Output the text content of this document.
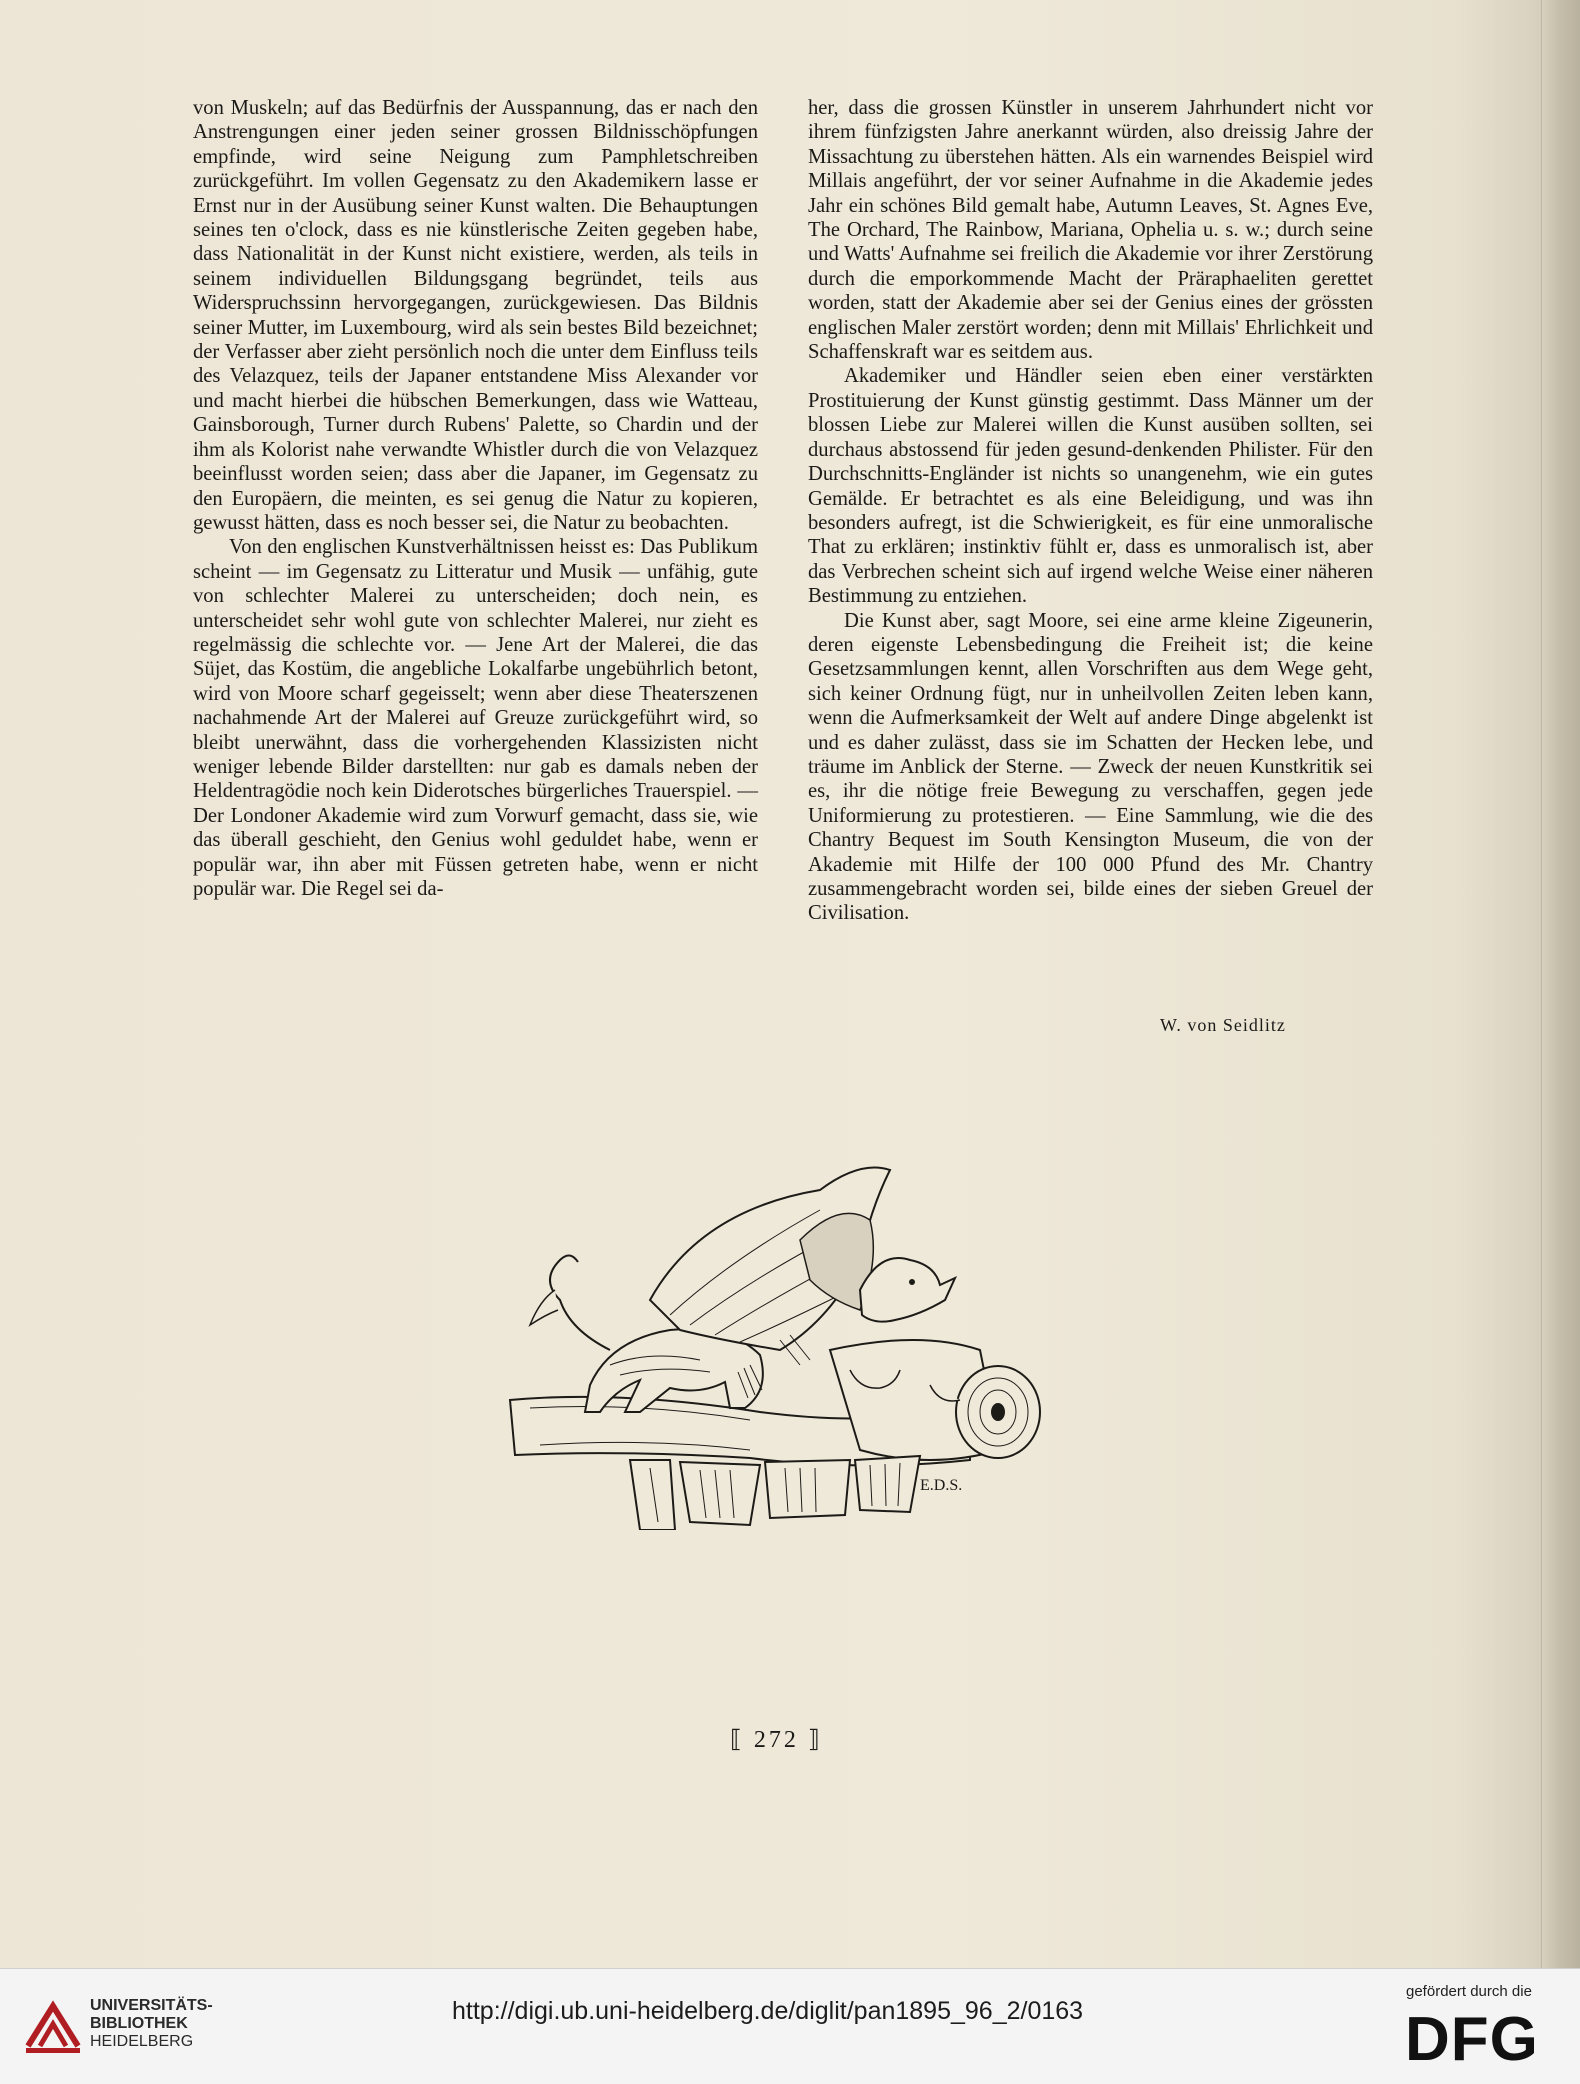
von Muskeln; auf das Bedürfnis der Ausspannung, das er nach den Anstrengungen einer jeden seiner grossen Bildnisschöpfungen empfinde, wird seine Neigung zum Pamphletschreiben zurückgeführt. Im vollen Gegensatz zu den Akademikern lasse er Ernst nur in der Ausübung seiner Kunst walten. Die Behauptungen seines ten o'clock, dass es nie künstlerische Zeiten gegeben habe, dass Nationalität in der Kunst nicht existiere, werden, als teils in seinem individuellen Bildungsgang begründet, teils aus Widerspruchssinn hervorgegangen, zurückgewiesen. Das Bildnis seiner Mutter, im Luxembourg, wird als sein bestes Bild bezeichnet; der Verfasser aber zieht persönlich noch die unter dem Einfluss teils des Velazquez, teils der Japaner entstandene Miss Alexander vor und macht hierbei die hübschen Bemerkungen, dass wie Watteau, Gainsborough, Turner durch Rubens' Palette, so Chardin und der ihm als Kolorist nahe verwandte Whistler durch die von Velazquez beeinflusst worden seien; dass aber die Japaner, im Gegensatz zu den Europäern, die meinten, es sei genug die Natur zu kopieren, gewusst hätten, dass es noch besser sei, die Natur zu beobachten.

Von den englischen Kunstverhältnissen heisst es: Das Publikum scheint — im Gegensatz zu Litteratur und Musik — unfähig, gute von schlechter Malerei zu unterscheiden; doch nein, es unterscheidet sehr wohl gute von schlechter Malerei, nur zieht es regelmässig die schlechte vor. — Jene Art der Malerei, die das Süjet, das Kostüm, die angebliche Lokalfarbe ungebührlich betont, wird von Moore scharf gegeisselt; wenn aber diese Theaterszenen nachahmende Art der Malerei auf Greuze zurückgeführt wird, so bleibt unerwähnt, dass die vorhergehenden Klassizisten nicht weniger lebende Bilder darstellten: nur gab es damals neben der Heldentragödie noch kein Diderotsches bürgerliches Trauerspiel. — Der Londoner Akademie wird zum Vorwurf gemacht, dass sie, wie das überall geschieht, den Genius wohl geduldet habe, wenn er populär war, ihn aber mit Füssen getreten habe, wenn er nicht populär war. Die Regel sei da-

her, dass die grossen Künstler in unserem Jahrhundert nicht vor ihrem fünfzigsten Jahre anerkannt würden, also dreissig Jahre der Missachtung zu überstehen hätten. Als ein warnendes Beispiel wird Millais angeführt, der vor seiner Aufnahme in die Akademie jedes Jahr ein schönes Bild gemalt habe, Autumn Leaves, St. Agnes Eve, The Orchard, The Rainbow, Mariana, Ophelia u. s. w.; durch seine und Watts' Aufnahme sei freilich die Akademie vor ihrer Zerstörung durch die emporkommende Macht der Präraphaeliten gerettet worden, statt der Akademie aber sei der Genius eines der grössten englischen Maler zerstört worden; denn mit Millais' Ehrlichkeit und Schaffenskraft war es seitdem aus.

Akademiker und Händler seien eben einer verstärkten Prostituierung der Kunst günstig gestimmt. Dass Männer um der blossen Liebe zur Malerei willen die Kunst ausüben sollten, sei durchaus abstossend für jeden gesund-denkenden Philister. Für den Durchschnitts-Engländer ist nichts so unangenehm, wie ein gutes Gemälde. Er betrachtet es als eine Beleidigung, und was ihn besonders aufregt, ist die Schwierigkeit, es für eine unmoralische That zu erklären; instinktiv fühlt er, dass es unmoralisch ist, aber das Verbrechen scheint sich auf irgend welche Weise einer näheren Bestimmung zu entziehen.

Die Kunst aber, sagt Moore, sei eine arme kleine Zigeunerin, deren eigenste Lebensbedingung die Freiheit ist; die keine Gesetzsammlungen kennt, allen Vorschriften aus dem Wege geht, sich keiner Ordnung fügt, nur in unheilvollen Zeiten leben kann, wenn die Aufmerksamkeit der Welt auf andere Dinge abgelenkt ist und es daher zulässt, dass sie im Schatten der Hecken lebe, und träume im Anblick der Sterne. — Zweck der neuen Kunstkritik sei es, ihr die nötige freie Bewegung zu verschaffen, gegen jede Uniformierung zu protestieren. — Eine Sammlung, wie die des Chantry Bequest im South Kensington Museum, die von der Akademie mit Hilfe der 100 000 Pfund des Mr. Chantry zusammengebracht worden sei, bilde eines der sieben Greuel der Civilisation.

W. von Seidlitz
E.D.S.
⟦ 272 ⟧
UNIVERSITÄTS-
BIBLIOTHEK
HEIDELBERG
http://digi.ub.uni-heidelberg.de/diglit/pan1895_96_2/0163
gefördert durch die
DFG
